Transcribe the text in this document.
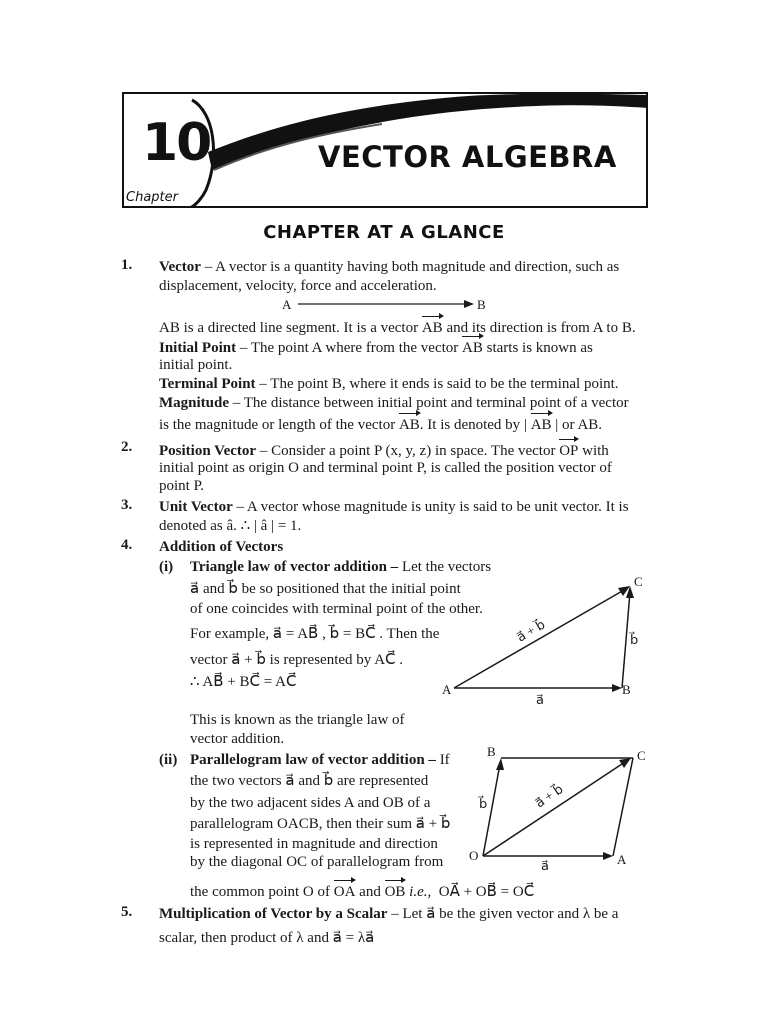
10
Chapter
VECTOR ALGEBRA
CHAPTER AT A GLANCE
1. Vector – A vector is a quantity having both magnitude and direction, such as
displacement, velocity, force and acceleration.
A	B
AB is a directed line segment. It is a vector AB and its direction is from A to B.
Initial Point – The point A where from the vector AB starts is known as
initial point.
Terminal Point – The point B, where it ends is said to be the terminal point.
Magnitude – The distance between initial point and terminal point of a vector
is the magnitude or length of the vector AB. It is denoted by | AB | or AB.
2. Position Vector – Consider a point P (x, y, z) in space. The vector OP with
initial point as origin O and terminal point P, is called the position vector of
point P.
3. Unit Vector – A vector whose magnitude is unity is said to be unit vector. It is
denoted as â. ∴ | â | = 1.
4. Addition of Vectors
(i) Triangle law of vector addition – Let the vectors
a⃗ and b⃗ be so positioned that the initial point
of one coincides with terminal point of the other.
For example, a⃗ = AB⃗ , b⃗ = BC⃗ . Then the
vector a⃗ + b⃗ is represented by AC⃗ .
∴ AB⃗ + BC⃗ = AC⃗
This is known as the triangle law of
vector addition.
A	B
C
a⃗
b⃗
a⃗ + b⃗
(ii) Parallelogram law of vector addition – If
the two vectors a⃗ and b⃗ are represented
by the two adjacent sides A and OB of a
parallelogram OACB, then their sum a⃗ + b⃗
is represented in magnitude and direction
by the diagonal OC of parallelogram from
the common point O of OA and OB i.e., OA⃗ + OB⃗ = OC⃗
O	A
B	C
a⃗
b⃗	a⃗ + b⃗
5. Multiplication of Vector by a Scalar – Let a⃗ be the given vector and λ be a
scalar, then product of λ and a⃗ = λa⃗
